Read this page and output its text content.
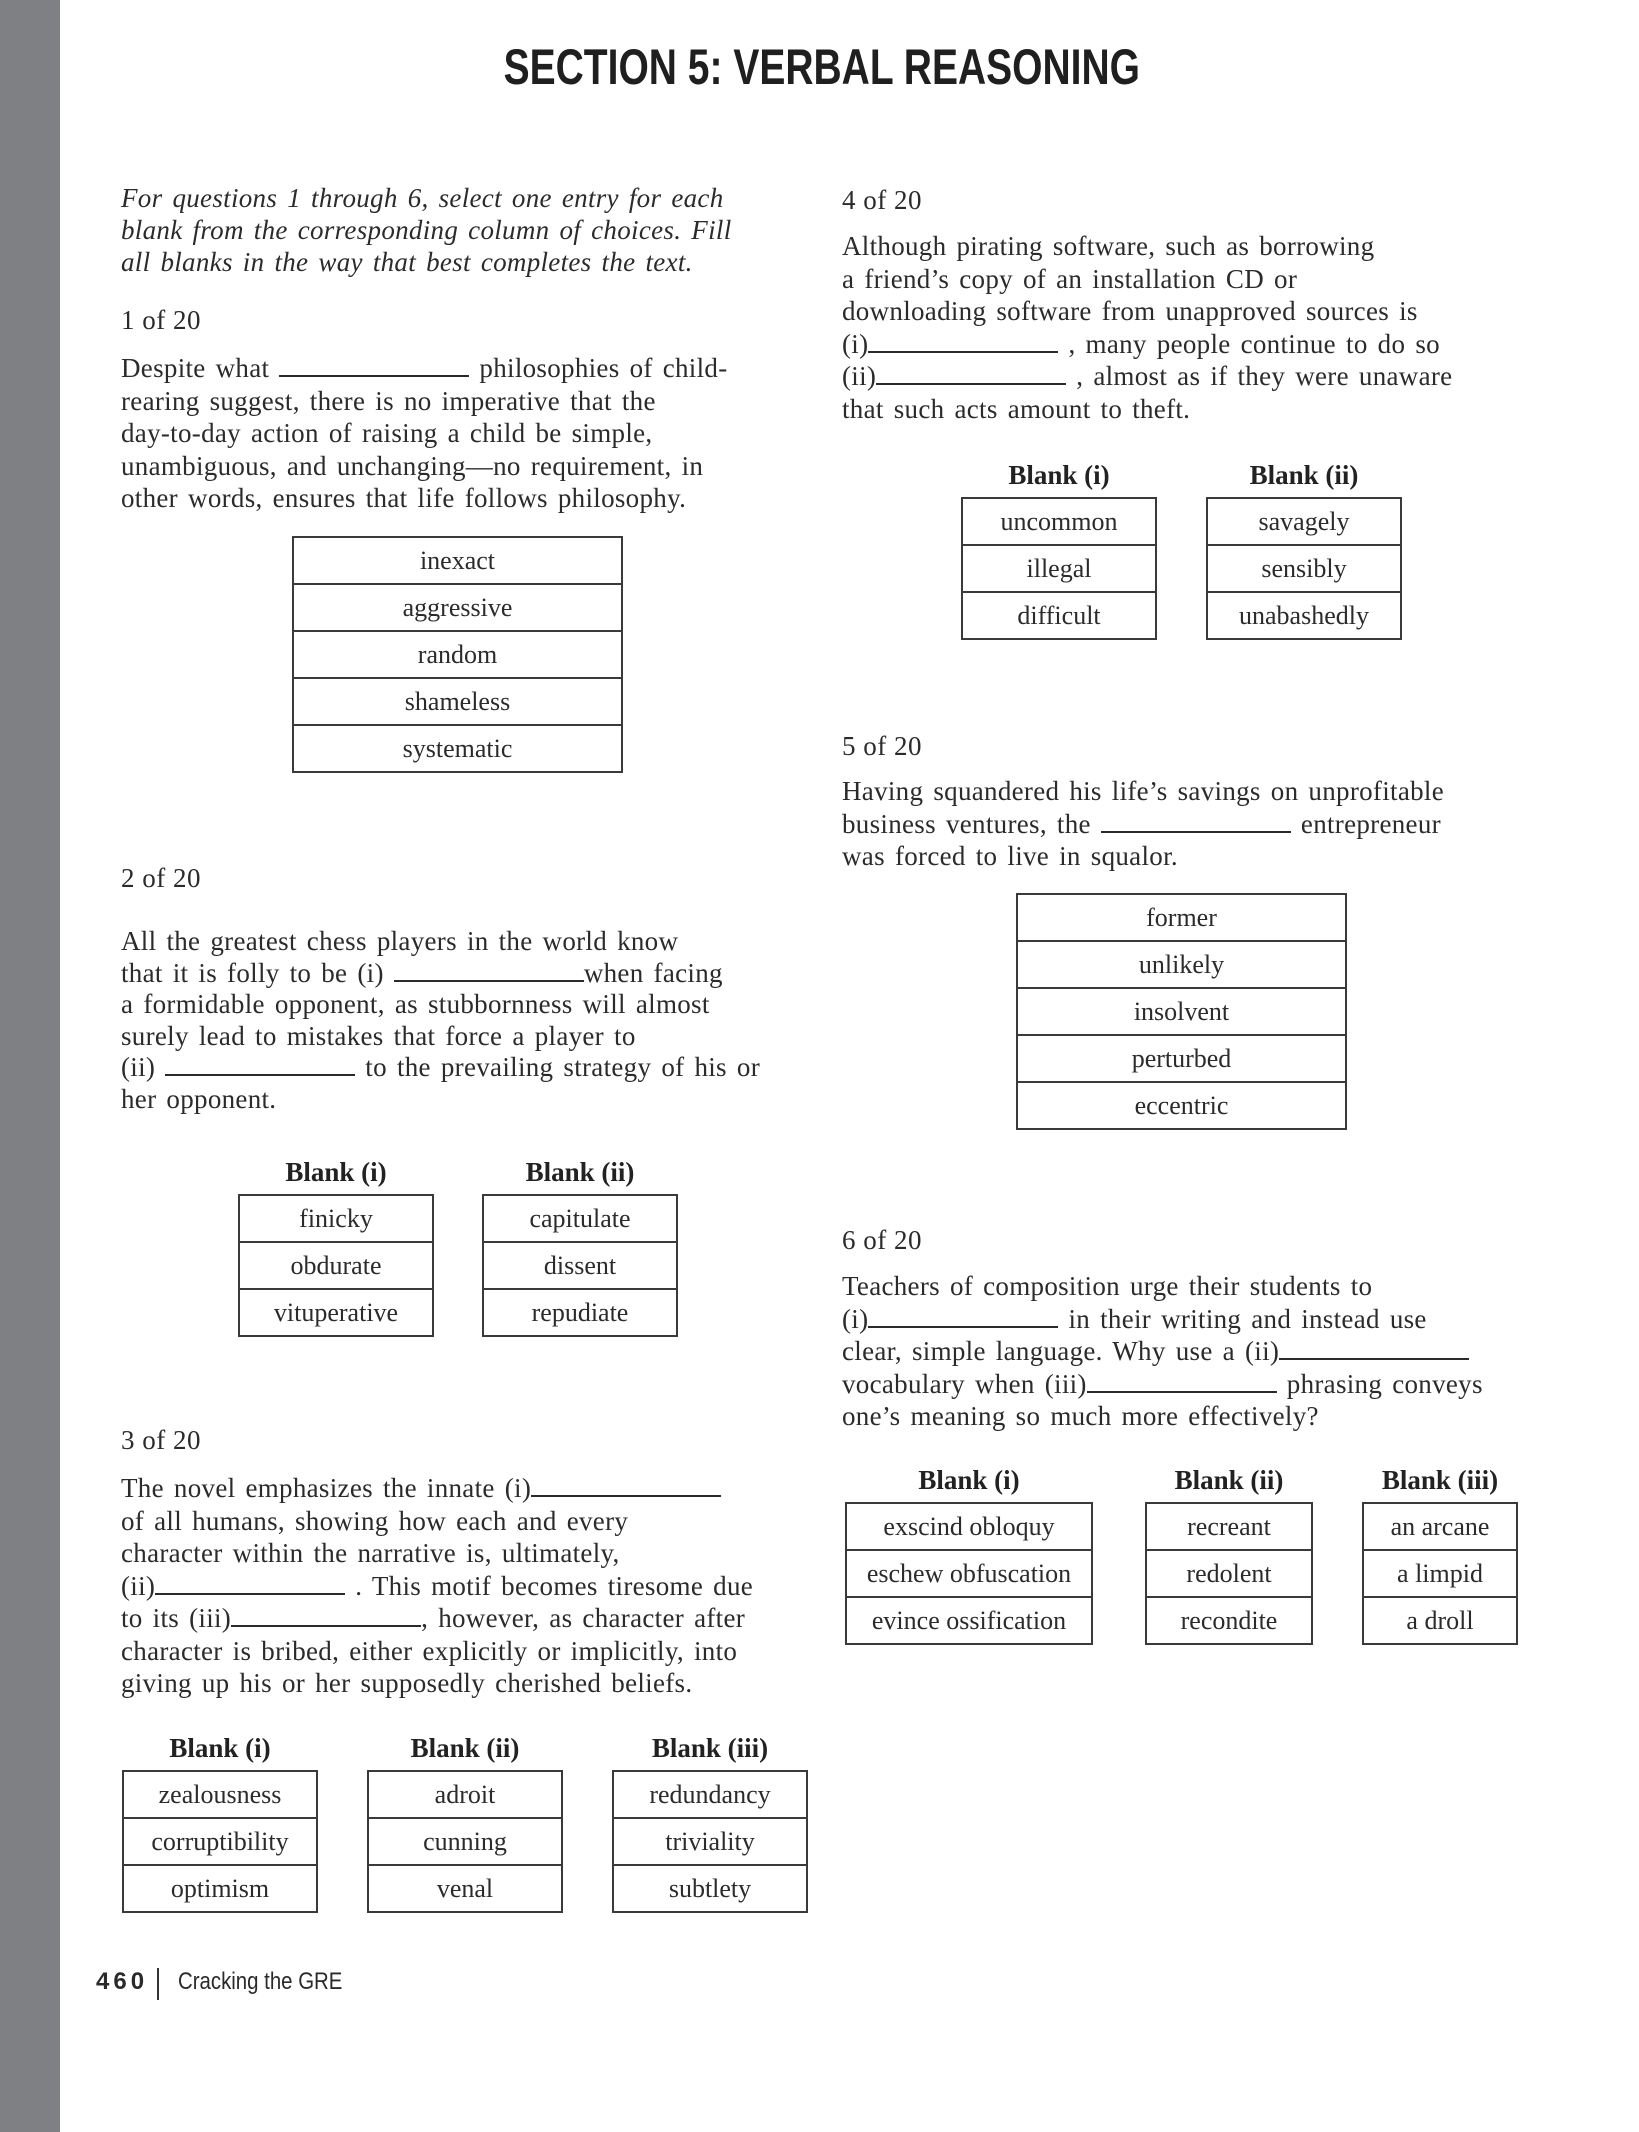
SECTION 5: VERBAL REASONING
For questions 1 through 6, select one entry for each
blank from the corresponding column of choices. Fill
all blanks in the way that best completes the text.
1 of 20
Despite what	philosophies of child-
rearing suggest, there is no imperative that the
day-to-day action of raising a child be simple,
unambiguous, and unchanging—no requirement, in
other words, ensures that life follows philosophy.
inexact
aggressive
random
shameless
systematic
2 of 20
All the greatest chess players in the world know
that it is folly to be (i)	when facing
a formidable opponent, as stubbornness will almost
surely lead to mistakes that force a player to
(ii)	to the prevailing strategy of his or
her opponent.
Blank (i)
finicky
obdurate
vituperative
Blank (ii)
capitulate
dissent
repudiate
3 of 20
The novel emphasizes the innate (i)
of all humans, showing how each and every
character within the narrative is, ultimately,
(ii)	. This motif becomes tiresome due
to its (iii)	, however, as character after
character is bribed, either explicitly or implicitly, into
giving up his or her supposedly cherished beliefs.
Blank (i)
zealousness
corruptibility
optimism
Blank (ii)
adroit
cunning
venal
Blank (iii)
redundancy
triviality
subtlety
4 of 20
Although pirating software, such as borrowing
a friend’s copy of an installation CD or
downloading software from unapproved sources is
(i)	, many people continue to do so
(ii)	, almost as if they were unaware
that such acts amount to theft.
Blank (i)
uncommon
illegal
difficult
Blank (ii)
savagely
sensibly
unabashedly
5 of 20
Having squandered his life’s savings on unprofitable
business ventures, the	entrepreneur
was forced to live in squalor.
former
unlikely
insolvent
perturbed
eccentric
6 of 20
Teachers of composition urge their students to
(i)	in their writing and instead use
clear, simple language. Why use a (ii)
vocabulary when (iii)	phrasing conveys
one’s meaning so much more effectively?
Blank (i)
exscind obloquy
eschew obfuscation
evince ossification
Blank (ii)
recreant
redolent
recondite
Blank (iii)
an arcane
a limpid
a droll
460 Cracking the GRE
